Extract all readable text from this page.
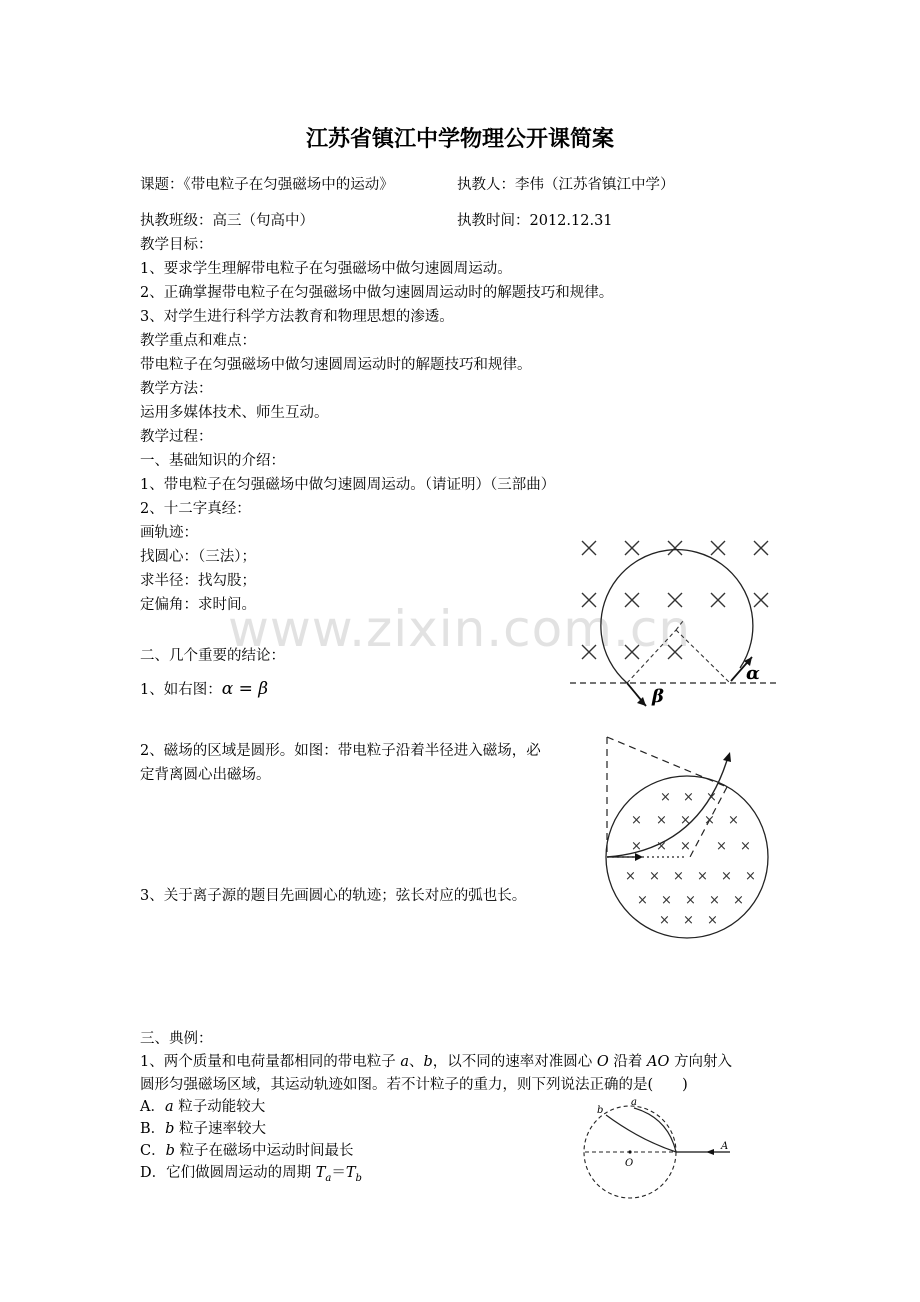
江苏省镇江中学物理公开课简案
课题：《带电粒子在匀强磁场中的运动》	执教人：李伟（江苏省镇江中学）
执教班级：高三（句高中）	执教时间：2012.12.31
教学目标：
1、要求学生理解带电粒子在匀强磁场中做匀速圆周运动。
2、正确掌握带电粒子在匀强磁场中做匀速圆周运动时的解题技巧和规律。
3、对学生进行科学方法教育和物理思想的渗透。
教学重点和难点：
带电粒子在匀强磁场中做匀速圆周运动时的解题技巧和规律。
教学方法：
运用多媒体技术、师生互动。
教学过程：
一、基础知识的介绍：
1、带电粒子在匀强磁场中做匀速圆周运动。（请证明）（三部曲）
2、十二字真经：
画轨迹：
找圆心：（三法）；
求半径：找勾股；
定偏角：求时间。
www.zixin.com.cn
二、几个重要的结论：
1、如右图：α = β
2、磁场的区域是圆形。如图：带电粒子沿着半径进入磁场，必
定背离圆心出磁场。
3、关于离子源的题目先画圆心的轨迹；弦长对应的弧也长。
三、典例：
1、两个质量和电荷量都相同的带电粒子 a、b，以不同的速率对准圆心 O 沿着 AO 方向射入
圆形匀强磁场区域，其运动轨迹如图。若不计粒子的重力，则下列说法正确的是(　　)
A．a 粒子动能较大
B．b 粒子速率较大
C．b 粒子在磁场中运动时间最长
D．它们做圆周运动的周期 $T_a=T_b$
α
β
× × ×
× × × × ×
× × × × ×
× × × × × ×
× × × × ×
× × ×
a
b
A
O
